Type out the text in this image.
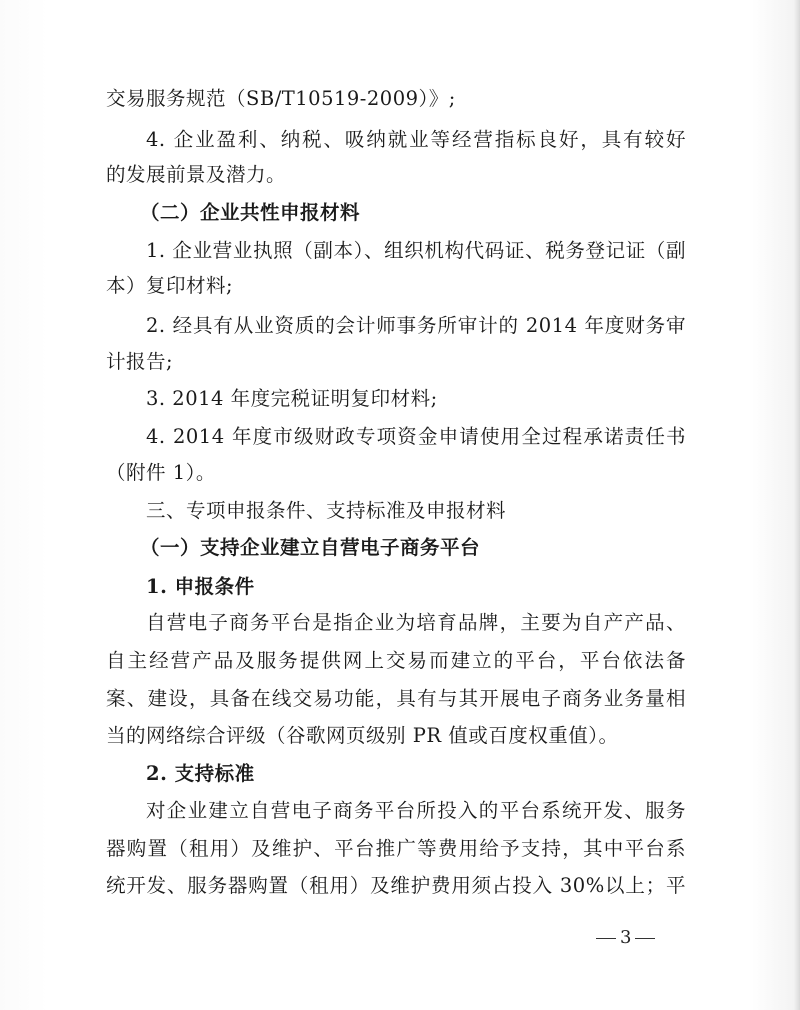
交易服务规范（SB/T10519-2009）》;
4. 企业盈利、纳税、吸纳就业等经营指标良好，具有较好
的发展前景及潜力。
（二）企业共性申报材料
1. 企业营业执照（副本）、组织机构代码证、税务登记证（副
本）复印材料;
2. 经具有从业资质的会计师事务所审计的 2014 年度财务审
计报告;
3. 2014 年度完税证明复印材料;
4. 2014 年度市级财政专项资金申请使用全过程承诺责任书
（附件 1）。
三、专项申报条件、支持标准及申报材料
（一）支持企业建立自营电子商务平台
1. 申报条件
自营电子商务平台是指企业为培育品牌，主要为自产产品、
自主经营产品及服务提供网上交易而建立的平台，平台依法备
案、建设，具备在线交易功能，具有与其开展电子商务业务量相
当的网络综合评级（谷歌网页级别 PR 值或百度权重值）。
2. 支持标准
对企业建立自营电子商务平台所投入的平台系统开发、服务
器购置（租用）及维护、平台推广等费用给予支持，其中平台系
统开发、服务器购置（租用）及维护费用须占投入 30%以上；平
3
